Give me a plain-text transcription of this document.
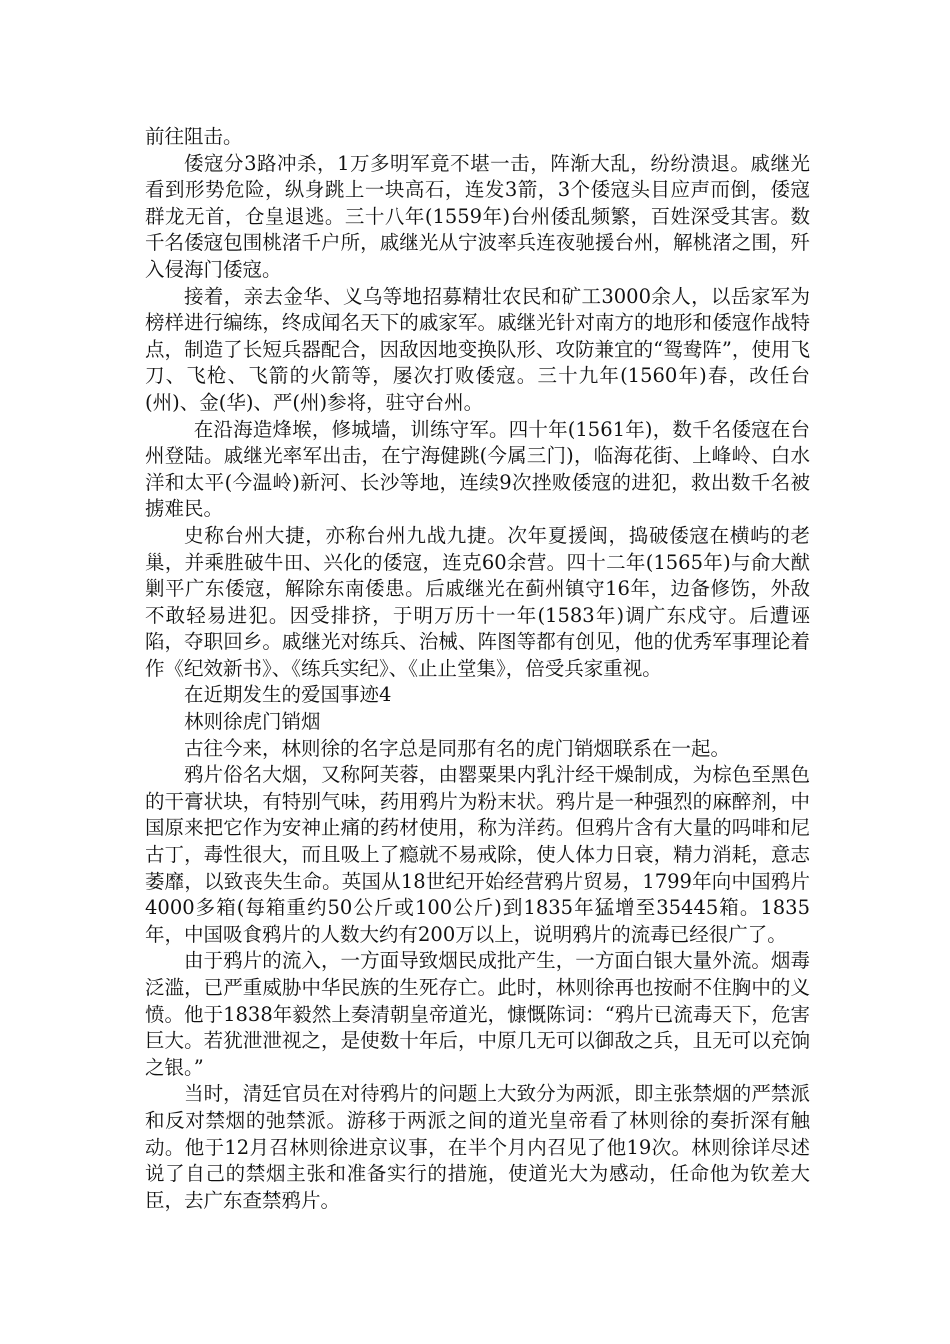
前往阻击。

倭寇分3路冲杀，1万多明军竟不堪一击，阵渐大乱，纷纷溃退。戚继光看到形势危险，纵身跳上一块高石，连发3箭，3个倭寇头目应声而倒，倭寇群龙无首，仓皇退逃。三十八年(1559年)台州倭乱频繁，百姓深受其害。数千名倭寇包围桃渚千户所，戚继光从宁波率兵连夜驰援台州，解桃渚之围，歼入侵海门倭寇。

接着，亲去金华、义乌等地招募精壮农民和矿工3000余人，以岳家军为榜样进行编练，终成闻名天下的戚家军。戚继光针对南方的地形和倭寇作战特点，制造了长短兵器配合，因敌因地变换队形、攻防兼宜的“鸳鸯阵”，使用飞刀、飞枪、飞箭的火箭等，屡次打败倭寇。三十九年(1560年)春，改任台(州)、金(华)、严(州)参将，驻守台州。

在沿海造烽堠，修城墙，训练守军。四十年(1561年)，数千名倭寇在台州登陆。戚继光率军出击，在宁海健跳(今属三门)，临海花街、上峰岭、白水洋和太平(今温岭)新河、长沙等地，连续9次挫败倭寇的进犯，救出数千名被掳难民。

史称台州大捷，亦称台州九战九捷。次年夏援闽，捣破倭寇在横屿的老巢，并乘胜破牛田、兴化的倭寇，连克60余营。四十二年(1565年)与俞大猷剿平广东倭寇，解除东南倭患。后戚继光在蓟州镇守16年，边备修饬，外敌不敢轻易进犯。因受排挤，于明万历十一年(1583年)调广东戍守。后遭诬陷，夺职回乡。戚继光对练兵、治械、阵图等都有创见，他的优秀军事理论着作《纪效新书》、《练兵实纪》、《止止堂集》，倍受兵家重视。

在近期发生的爱国事迹4

林则徐虎门销烟

古往今来，林则徐的名字总是同那有名的虎门销烟联系在一起。

鸦片俗名大烟，又称阿芙蓉，由罂粟果内乳汁经干燥制成，为棕色至黑色的干膏状块，有特别气味，药用鸦片为粉末状。鸦片是一种强烈的麻醉剂，中国原来把它作为安神止痛的药材使用，称为洋药。但鸦片含有大量的吗啡和尼古丁，毒性很大，而且吸上了瘾就不易戒除，使人体力日衰，精力消耗，意志萎靡，以致丧失生命。英国从18世纪开始经营鸦片贸易，1799年向中国鸦片4000多箱(每箱重约50公斤或100公斤)到1835年猛增至35445箱。1835年，中国吸食鸦片的人数大约有200万以上，说明鸦片的流毒已经很广了。

由于鸦片的流入，一方面导致烟民成批产生，一方面白银大量外流。烟毒泛滥，已严重威胁中华民族的生死存亡。此时，林则徐再也按耐不住胸中的义愤。他于1838年毅然上奏清朝皇帝道光，慷慨陈词：“鸦片已流毒天下，危害巨大。若犹泄泄视之，是使数十年后，中原几无可以御敌之兵，且无可以充饷之银。”

当时，清廷官员在对待鸦片的问题上大致分为两派，即主张禁烟的严禁派和反对禁烟的弛禁派。游移于两派之间的道光皇帝看了林则徐的奏折深有触动。他于12月召林则徐进京议事，在半个月内召见了他19次。林则徐详尽述说了自己的禁烟主张和准备实行的措施，使道光大为感动，任命他为钦差大臣，去广东查禁鸦片。
